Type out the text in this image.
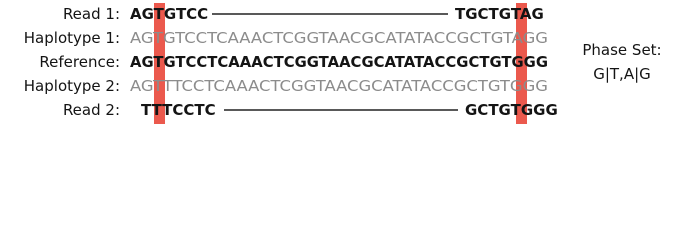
Read 1:
Haplotype 1:
Reference:
Haplotype 2:
Read 2:
AGTGTCC	TGCTGTAG
AGTGTCCTCAAACTCGGTAACGCATATACCGCTGTAGG
AGTGTCCTCAAACTCGGTAACGCATATACCGCTGTGGG
AGTTTCCTCAAACTCGGTAACGCATATACCGCTGTGGG
TTTCCTC	GCTGTGGG
Phase Set:
G|T,A|G
